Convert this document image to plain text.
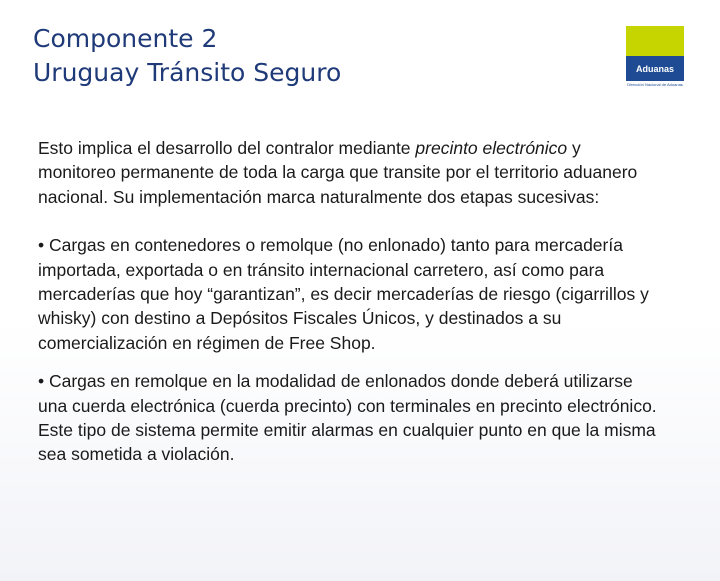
Componente 2
Uruguay Tránsito Seguro	Aduanas
Dirección Nacional de Aduanas

Esto implica el desarrollo del contralor mediante precinto electrónico y monitoreo permanente de toda la carga que transite por el territorio aduanero nacional. Su implementación marca naturalmente dos etapas sucesivas:

• Cargas en contenedores o remolque (no enlonado) tanto para mercadería importada, exportada o en tránsito internacional carretero, así como para mercaderías que hoy “garantizan”, es decir mercaderías de riesgo (cigarrillos y whisky) con destino a Depósitos Fiscales Únicos, y destinados a su comercialización en régimen de Free Shop.

• Cargas en remolque en la modalidad de enlonados donde deberá utilizarse una cuerda electrónica (cuerda precinto) con terminales en precinto electrónico. Este tipo de sistema permite emitir alarmas en cualquier punto en que la misma sea sometida a violación.
